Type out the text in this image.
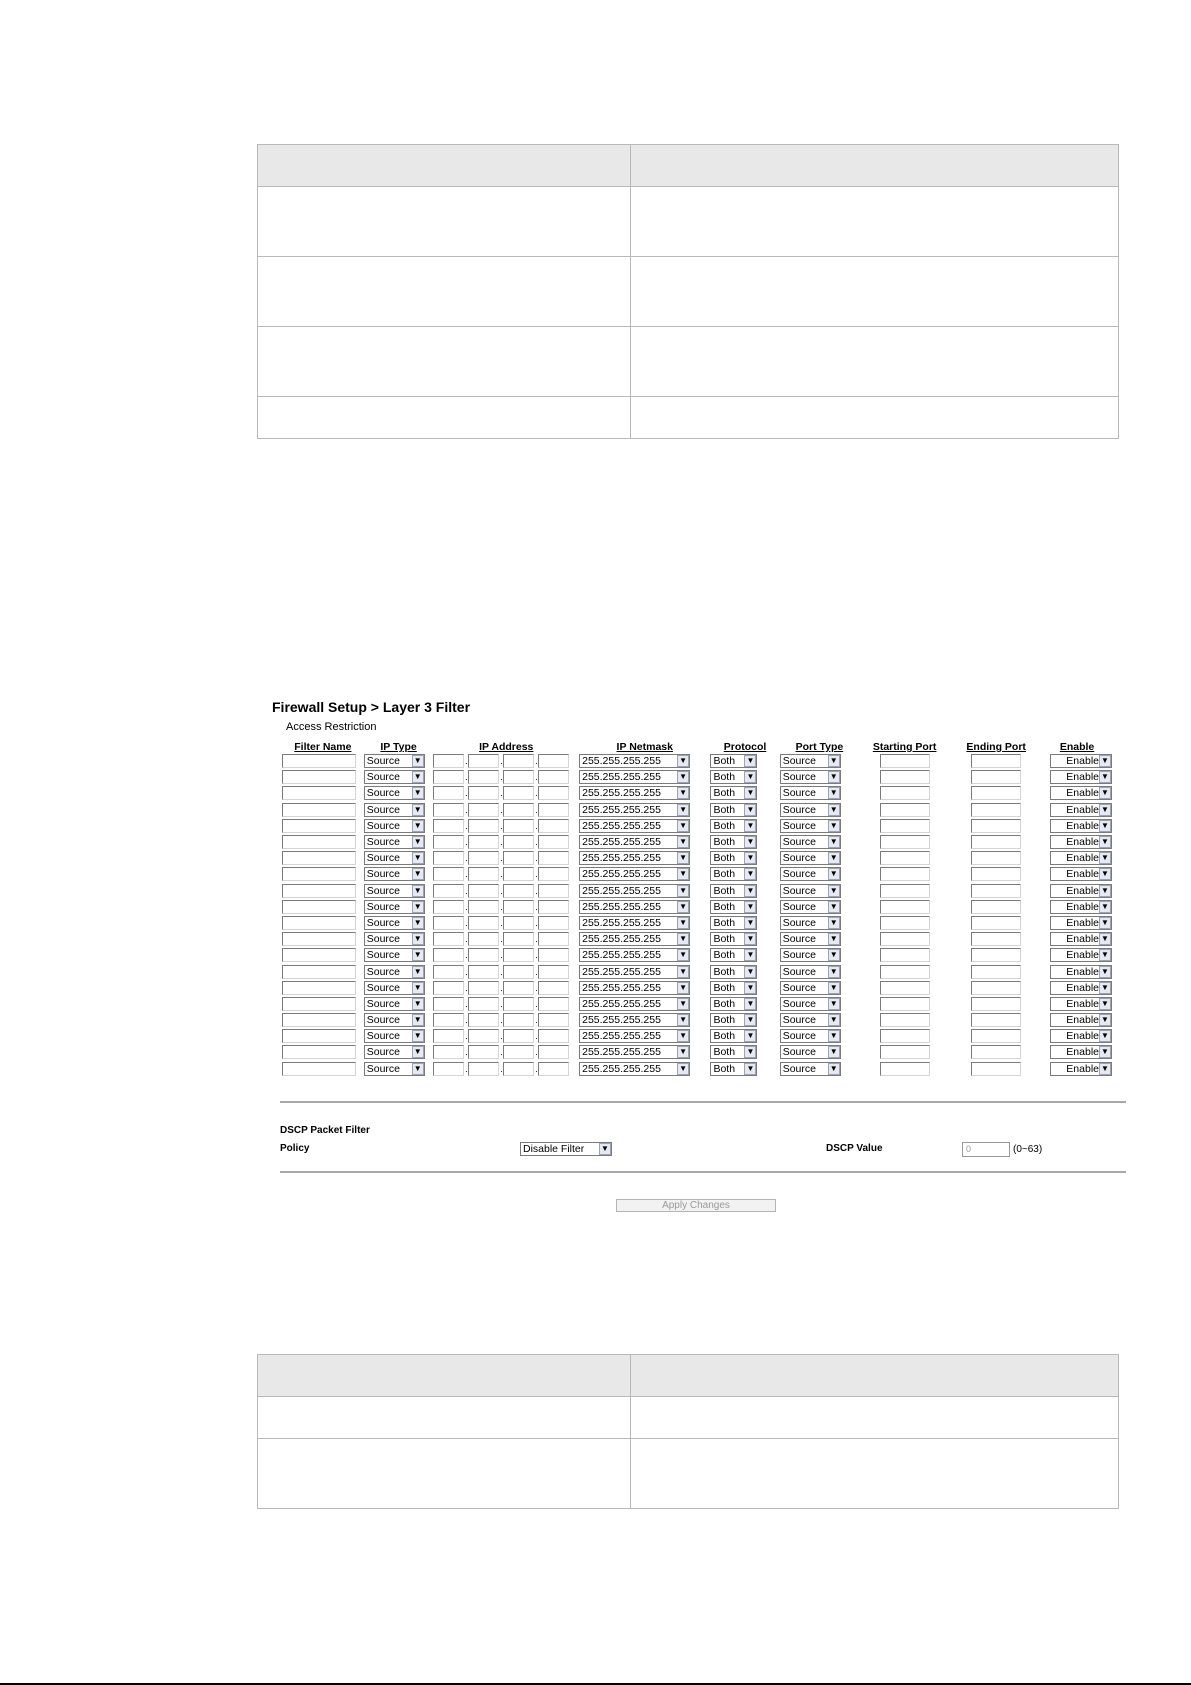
Firewall Setup > Layer 3 Filter
Access Restriction
Filter Name	IP Type	IP Address	IP Netmask	Protocol	Port Type	Starting Port	Ending Port	Enable

	Source ▼	. . .	255.255.255.255 ▼	Both ▼	Source ▼			Enable ▼

	Source ▼	. . .	255.255.255.255 ▼	Both ▼	Source ▼			Enable ▼

	Source ▼	. . .	255.255.255.255 ▼	Both ▼	Source ▼			Enable ▼

	Source ▼	. . .	255.255.255.255 ▼	Both ▼	Source ▼			Enable ▼

	Source ▼	. . .	255.255.255.255 ▼	Both ▼	Source ▼			Enable ▼

	Source ▼	. . .	255.255.255.255 ▼	Both ▼	Source ▼			Enable ▼

	Source ▼	. . .	255.255.255.255 ▼	Both ▼	Source ▼			Enable ▼

	Source ▼	. . .	255.255.255.255 ▼	Both ▼	Source ▼			Enable ▼

	Source ▼	. . .	255.255.255.255 ▼	Both ▼	Source ▼			Enable ▼

	Source ▼	. . .	255.255.255.255 ▼	Both ▼	Source ▼			Enable ▼

	Source ▼	. . .	255.255.255.255 ▼	Both ▼	Source ▼			Enable ▼

	Source ▼	. . .	255.255.255.255 ▼	Both ▼	Source ▼			Enable ▼

	Source ▼	. . .	255.255.255.255 ▼	Both ▼	Source ▼			Enable ▼

	Source ▼	. . .	255.255.255.255 ▼	Both ▼	Source ▼			Enable ▼

	Source ▼	. . .	255.255.255.255 ▼	Both ▼	Source ▼			Enable ▼

	Source ▼	. . .	255.255.255.255 ▼	Both ▼	Source ▼			Enable ▼

	Source ▼	. . .	255.255.255.255 ▼	Both ▼	Source ▼			Enable ▼

	Source ▼	. . .	255.255.255.255 ▼	Both ▼	Source ▼			Enable ▼

	Source ▼	. . .	255.255.255.255 ▼	Both ▼	Source ▼			Enable ▼

	Source ▼	. . .	255.255.255.255 ▼	Both ▼	Source ▼			Enable ▼
DSCP Packet Filter
Policy	Disable Filter	▼	DSCP Value	0	(0~63)
Apply Changes
